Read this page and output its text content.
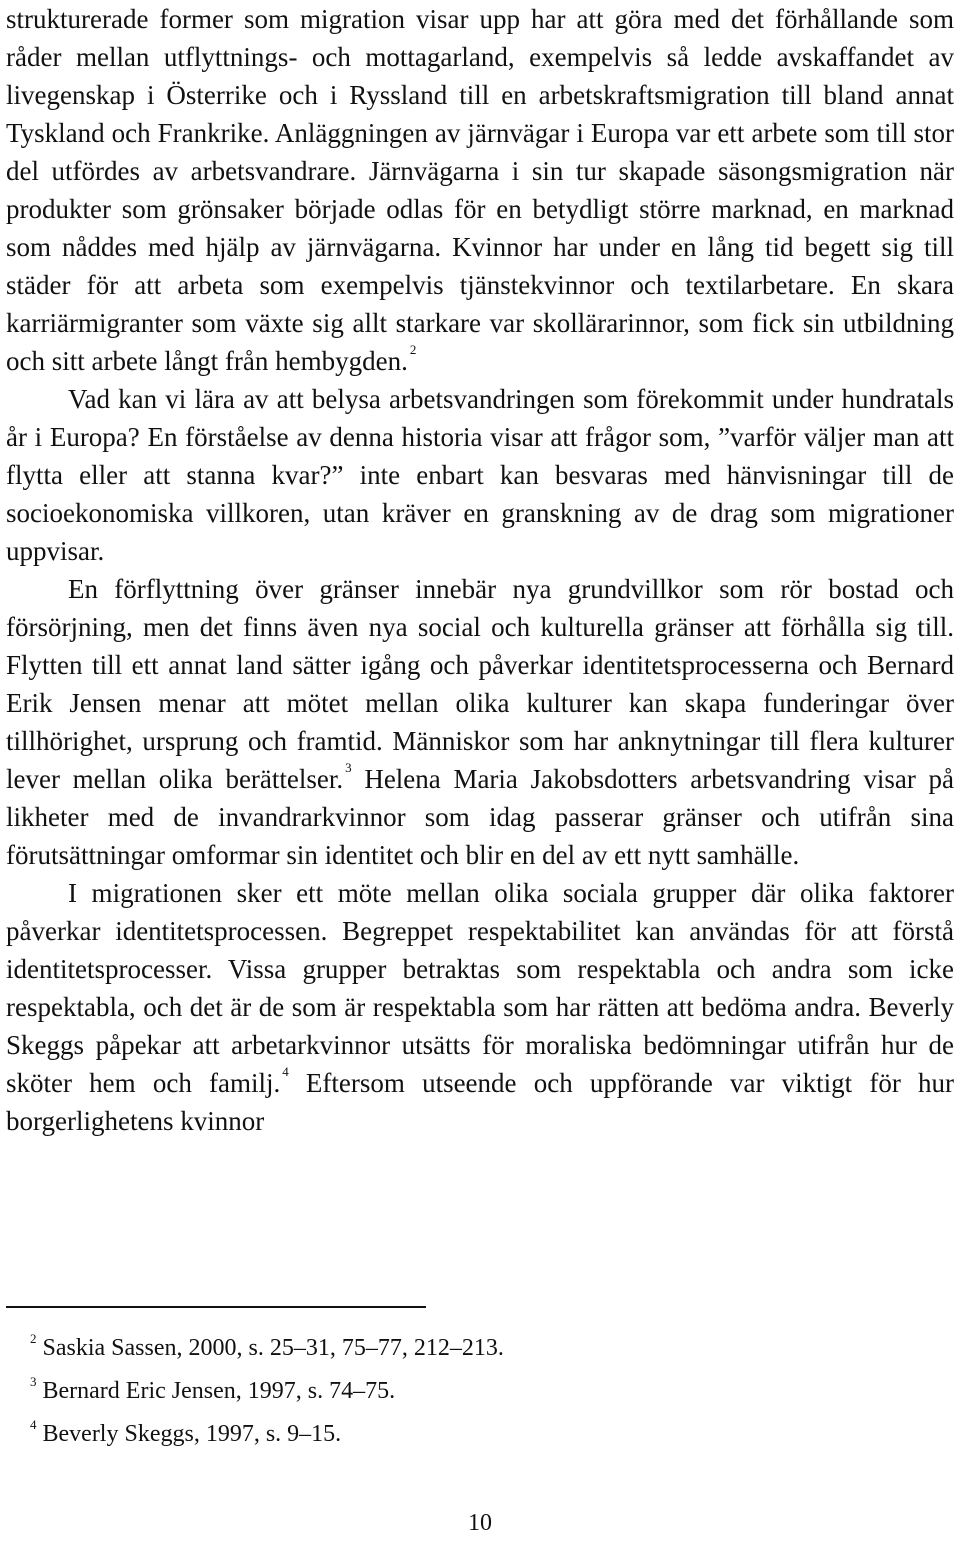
strukturerade former som migration visar upp har att göra med det förhållande som råder mellan utflyttnings- och mottagarland, exempelvis så ledde avskaffandet av livegenskap i Österrike och i Ryssland till en arbetskraftsmigration till bland annat Tyskland och Frankrike. Anläggningen av järnvägar i Europa var ett arbete som till stor del utfördes av arbetsvandrare. Järnvägarna i sin tur skapade säsongsmigration när produkter som grönsaker började odlas för en betydligt större marknad, en marknad som nåddes med hjälp av järnvägarna. Kvinnor har under en lång tid begett sig till städer för att arbeta som exempelvis tjänstekvinnor och textilarbetare. En skara karriärmigranter som växte sig allt starkare var skollärarinnor, som fick sin utbildning och sitt arbete långt från hembygden. $^2$

Vad kan vi lära av att belysa arbetsvandringen som förekommit under hundratals år i Europa? En förståelse av denna historia visar att frågor som, ”varför väljer man att flytta eller att stanna kvar?” inte enbart kan besvaras med hänvisningar till de socioekonomiska villkoren, utan kräver en granskning av de drag som migrationer uppvisar.

En förflyttning över gränser innebär nya grundvillkor som rör bostad och försörjning, men det finns även nya social och kulturella gränser att förhålla sig till. Flytten till ett annat land sätter igång och påverkar identitetsprocesserna och Bernard Erik Jensen menar att mötet mellan olika kulturer kan skapa funderingar över tillhörighet, ursprung och framtid. Människor som har anknytningar till flera kulturer lever mellan olika berättelser. $^3$ Helena Maria Jakobsdotters arbetsvandring visar på likheter med de invandrarkvinnor som idag passerar gränser och utifrån sina förutsättningar omformar sin identitet och blir en del av ett nytt samhälle.

I migrationen sker ett möte mellan olika sociala grupper där olika faktorer påverkar identitetsprocessen. Begreppet respektabilitet kan användas för att förstå identitetsprocesser. Vissa grupper betraktas som respektabla och andra som icke respektabla, och det är de som är respektabla som har rätten att bedöma andra. Beverly Skeggs påpekar att arbetarkvinnor utsätts för moraliska bedömningar utifrån hur de sköter hem och familj. $^4$ Eftersom utseende och uppförande var viktigt för hur borgerlighetens kvinnor

$^2$ Saskia Sassen, 2000, s. 25–31, 75–77, 212–213.
$^3$ Bernard Eric Jensen, 1997, s. 74–75.
$^4$ Beverly Skeggs, 1997, s. 9–15.
10
